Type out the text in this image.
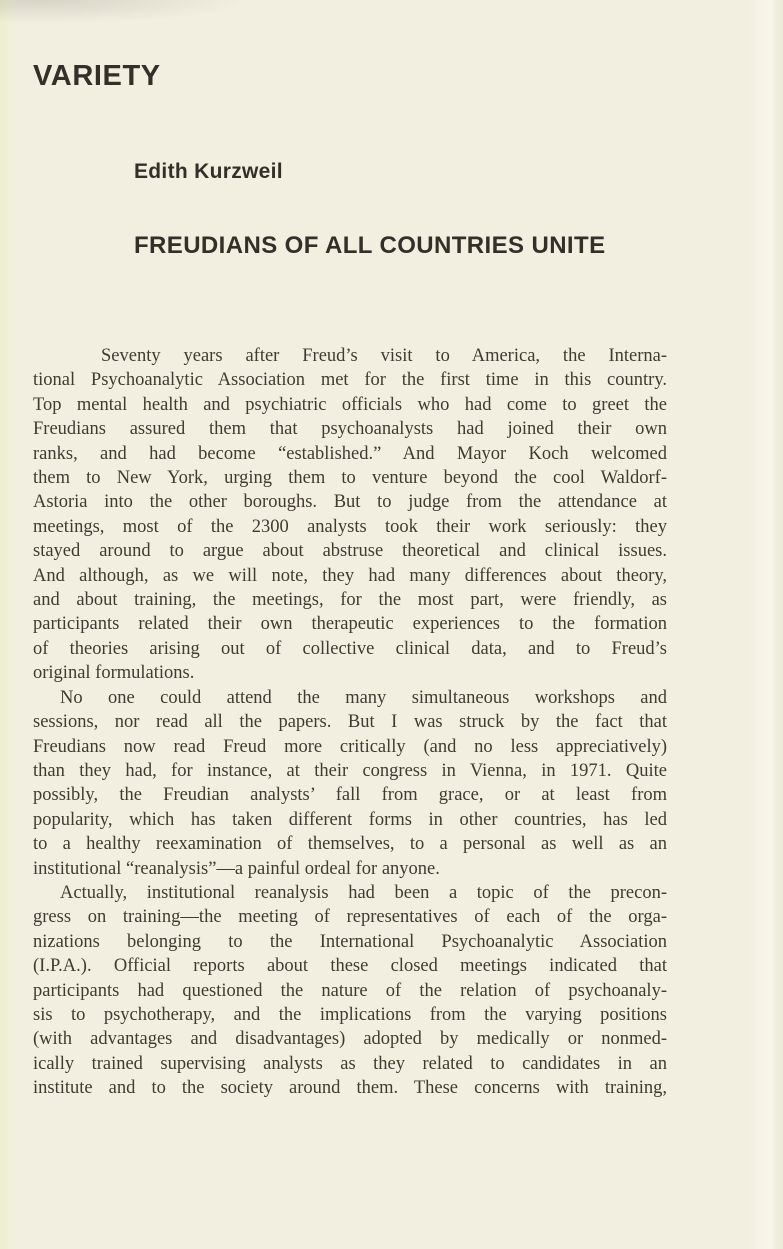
VARIETY
Edith Kurzweil
FREUDIANS OF ALL COUNTRIES UNITE
Seventy years after Freud’s visit to America, the Interna-
tional Psychoanalytic Association met for the first time in this country.
Top mental health and psychiatric officials who had come to greet the
Freudians assured them that psychoanalysts had joined their own
ranks, and had become “established.” And Mayor Koch welcomed
them to New York, urging them to venture beyond the cool Waldorf-
Astoria into the other boroughs. But to judge from the attendance at
meetings, most of the 2300 analysts took their work seriously: they
stayed around to argue about abstruse theoretical and clinical issues.
And although, as we will note, they had many differences about theory,
and about training, the meetings, for the most part, were friendly, as
participants related their own therapeutic experiences to the formation
of theories arising out of collective clinical data, and to Freud’s
original formulations.
No one could attend the many simultaneous workshops and
sessions, nor read all the papers. But I was struck by the fact that
Freudians now read Freud more critically (and no less appreciatively)
than they had, for instance, at their congress in Vienna, in 1971. Quite
possibly, the Freudian analysts’ fall from grace, or at least from
popularity, which has taken different forms in other countries, has led
to a healthy reexamination of themselves, to a personal as well as an
institutional “reanalysis”—a painful ordeal for anyone.
Actually, institutional reanalysis had been a topic of the precon-
gress on training—the meeting of representatives of each of the orga-
nizations belonging to the International Psychoanalytic Association
(I.P.A.). Official reports about these closed meetings indicated that
participants had questioned the nature of the relation of psychoanaly-
sis to psychotherapy, and the implications from the varying positions
(with advantages and disadvantages) adopted by medically or nonmed-
ically trained supervising analysts as they related to candidates in an
institute and to the society around them. These concerns with training,
